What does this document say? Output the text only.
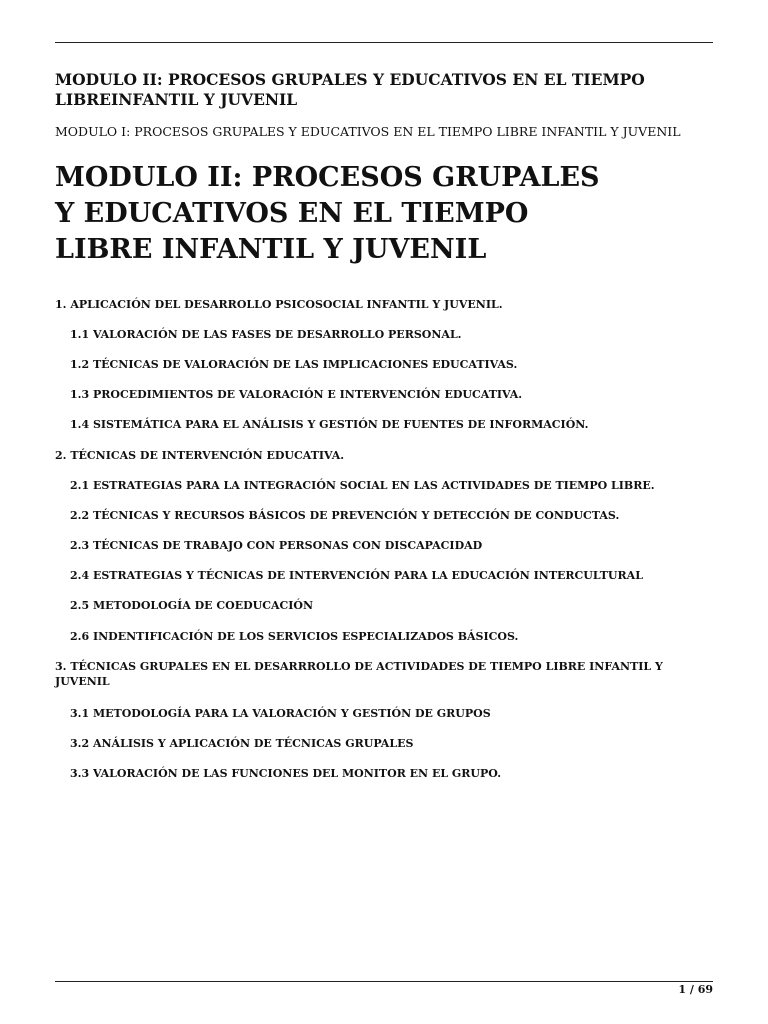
MODULO II: PROCESOS GRUPALES Y EDUCATIVOS EN EL TIEMPO LIBREINFANTIL Y JUVENIL

MODULO I: PROCESOS GRUPALES Y EDUCATIVOS EN EL TIEMPO LIBRE INFANTIL Y JUVENIL

MODULO II: PROCESOS GRUPALES
Y EDUCATIVOS EN EL TIEMPO
LIBRE INFANTIL Y JUVENIL
1. APLICACIÓN DEL DESARROLLO PSICOSOCIAL INFANTIL Y JUVENIL.
1.1 VALORACIÓN DE LAS FASES DE DESARROLLO PERSONAL.
1.2 TÉCNICAS DE VALORACIÓN DE LAS IMPLICACIONES EDUCATIVAS.
1.3 PROCEDIMIENTOS DE VALORACIÓN E INTERVENCIÓN EDUCATIVA.
1.4 SISTEMÁTICA PARA EL ANÁLISIS Y GESTIÓN DE FUENTES DE INFORMACIÓN.
2. TÉCNICAS DE INTERVENCIÓN EDUCATIVA.
2.1 ESTRATEGIAS PARA LA INTEGRACIÓN SOCIAL EN LAS ACTIVIDADES DE TIEMPO LIBRE.
2.2 TÉCNICAS Y RECURSOS BÁSICOS DE PREVENCIÓN Y DETECCIÓN DE CONDUCTAS.
2.3 TÉCNICAS DE TRABAJO CON PERSONAS CON DISCAPACIDAD
2.4 ESTRATEGIAS Y TÉCNICAS DE INTERVENCIÓN PARA LA EDUCACIÓN INTERCULTURAL
2.5 METODOLOGÍA DE COEDUCACIÓN
2.6 INDENTIFICACIÓN DE LOS SERVICIOS ESPECIALIZADOS BÁSICOS.
3. TÉCNICAS GRUPALES EN EL DESARRROLLO DE ACTIVIDADES DE TIEMPO LIBRE INFANTIL Y JUVENIL
3.1 METODOLOGÍA PARA LA VALORACIÓN Y GESTIÓN DE GRUPOS
3.2 ANÁLISIS Y APLICACIÓN DE TÉCNICAS GRUPALES
3.3 VALORACIÓN DE LAS FUNCIONES DEL MONITOR EN EL GRUPO.
1 / 69
